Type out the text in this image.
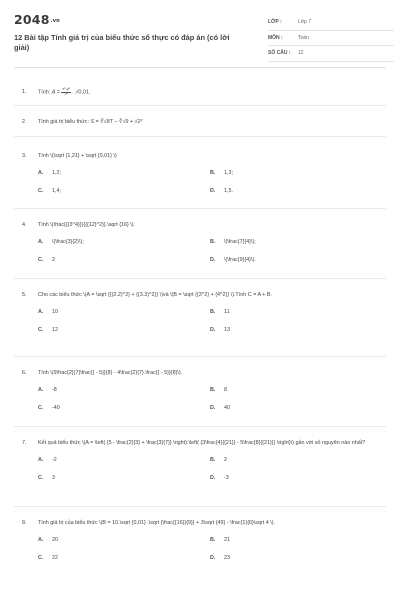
2048.vn
12 Bài tập Tính giá trị của biểu thức số thực có đáp án (có lời giải)
LỚP :	Lớp 7
MÔN :	Toán
SỐ CÂU :	12
1.	Tính: $A = \frac{\text{x²-y²}}{\text{2²}}$ . √0,01.
2.	Tính giá trị biểu thức: S = ∛√8T − ∛√9 + √2²
3.	Tính \(\sqrt {1,21} + \sqrt {0,01} \)
A.	1,2;	B.	1,3;
C.	1,4;	D.	1,5.
4.	Tính \(\frac{{{3^4}}}{{{12}^2}}.\sqrt {16} \).
A.	\(\frac{3}{2}\);	B.	\(\frac{7}{4}\);
C.	2	D.	\(\frac{9}{4}\).
5.	Cho các biểu thức \(A = \sqrt {{(2.2)^2} + {(3.3)^2}} \)và \(B = \sqrt {{3^2} + {4^2}} \).Tính C = A + B.
A.	10	B.	11
C.	12	D.	13
6.	Tính \(9\frac{2}{7}\frac{{ - 5}}{8} - 4\frac{2}{7}.\frac{{ - 5}}{8}\).
A.	-8	B.	8
C.	-40	D.	40
7.	Kết quả biểu thức \(A = \left( {5 - \frac{2}{3} + \frac{3}{7}} \right):\left( {3\frac{4}{{21}} - 5\frac{8}{{21}}} \right)\) gần với số nguyên nào nhất?
A.	-2	B.	2
C.	3	D.	-3
8.	Tính giá trị của biểu thức \(B = 10.\sqrt {0,01} .\sqrt {\frac{{16}}{9}} + 3\sqrt {49} - \frac{1}{6}\sqrt 4 \).
A.	20	B.	21
C.	22	D.	23
